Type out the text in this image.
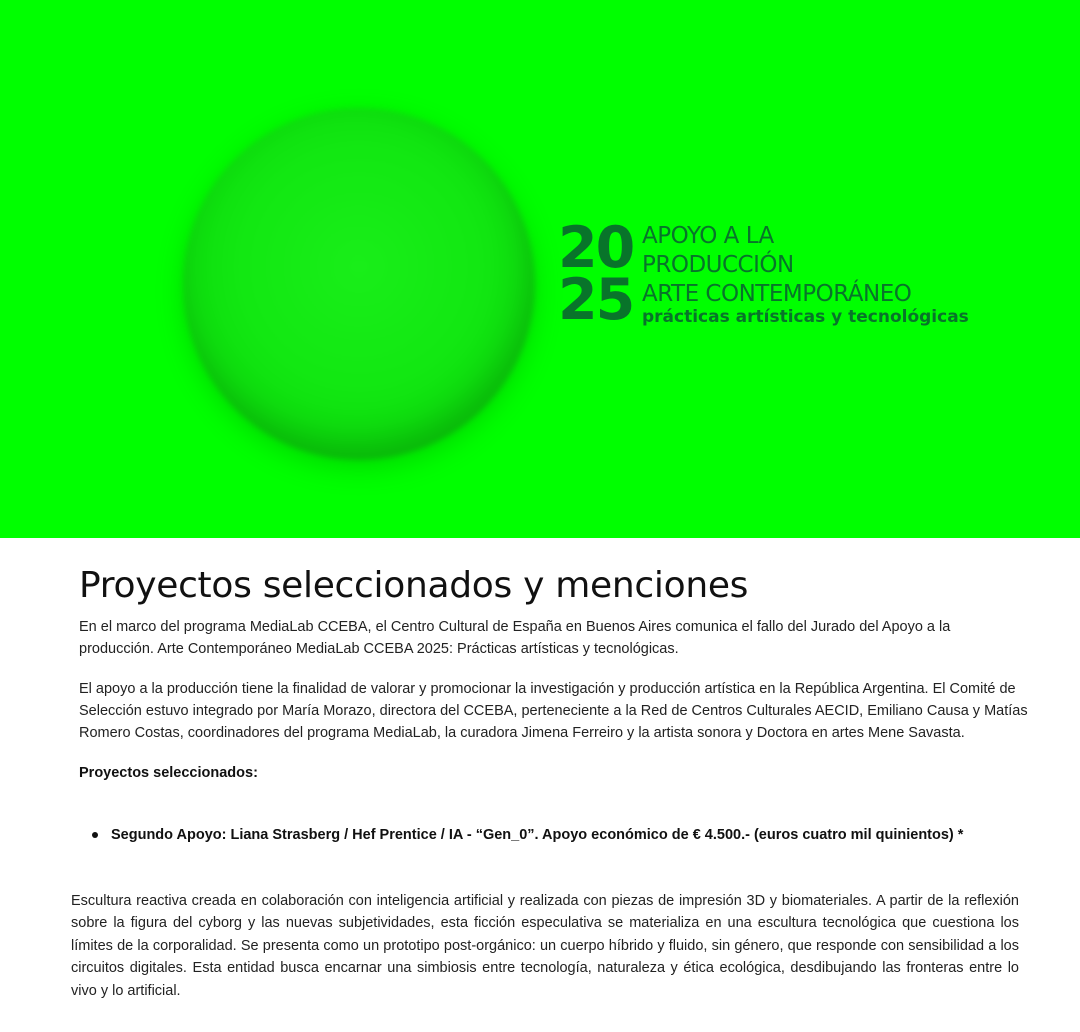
20
25
APOYO A LA
PRODUCCIÓN
ARTE CONTEMPORÁNEO
prácticas artísticas y tecnológicas
Proyectos seleccionados y menciones

En el marco del programa MediaLab CCEBA, el Centro Cultural de España en Buenos Aires comunica el fallo del Jurado del Apoyo a la producción. Arte Contemporáneo MediaLab CCEBA 2025: Prácticas artísticas y tecnológicas.

El apoyo a la producción tiene la finalidad de valorar y promocionar la investigación y producción artística en la República Argentina. El Comité de Selección estuvo integrado por María Morazo, directora del CCEBA, perteneciente a la Red de Centros Culturales AECID, Emiliano Causa y Matías Romero Costas, coordinadores del programa MediaLab, la curadora Jimena Ferreiro y la artista sonora y Doctora en artes Mene Savasta.

Proyectos seleccionados:
Segundo Apoyo: Liana Strasberg / Hef Prentice / IA - “Gen_0”. Apoyo económico de € 4.500.- (euros cuatro mil quinientos) *

Escultura reactiva creada en colaboración con inteligencia artificial y realizada con piezas de impresión 3D y biomateriales. A partir de la reflexión sobre la figura del cyborg y las nuevas subjetividades, esta ficción especulativa se materializa en una escultura tecnológica que cuestiona los límites de la corporalidad. Se presenta como un prototipo post-orgánico: un cuerpo híbrido y fluido, sin género, que responde con sensibilidad a los circuitos digitales. Esta entidad busca encarnar una simbiosis entre tecnología, naturaleza y ética ecológica, desdibujando las fronteras entre lo vivo y lo artificial.
